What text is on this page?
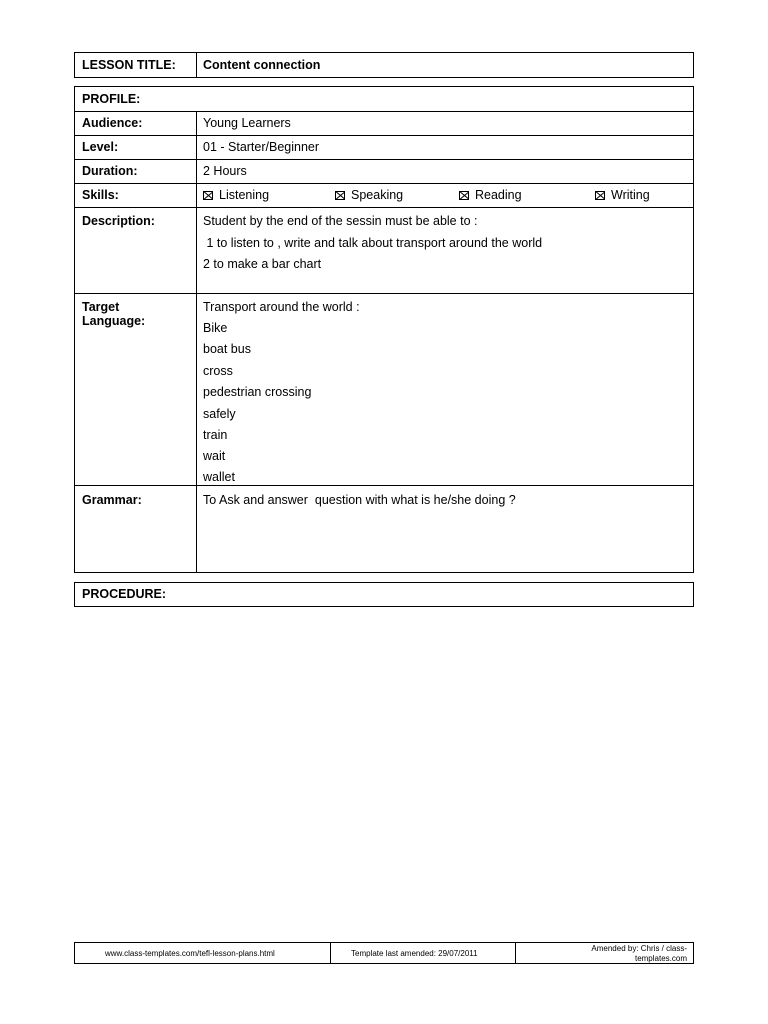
LESSON TITLE: Content connection
PROFILE:
Audience:	Young Learners
Level:	01 - Starter/Beginner
Duration:	2 Hours
Skills:	Listening	Speaking	Reading	Writing
Description:	Student by the end of the sessin must be able to :
1 to listen to , write and talk about transport around the world
2 to make a bar chart
Target
Language:
Transport around the world :
Bike
boat bus
cross
pedestrian crossing
safely
train
wait
wallet
Grammar:	To Ask and answer  question with what is he/she doing ?
PROCEDURE:
www.class-templates.com/tefl-lesson-plans.html	Template last amended: 29/07/2011
Amended by: Chris / class-
templates.com
